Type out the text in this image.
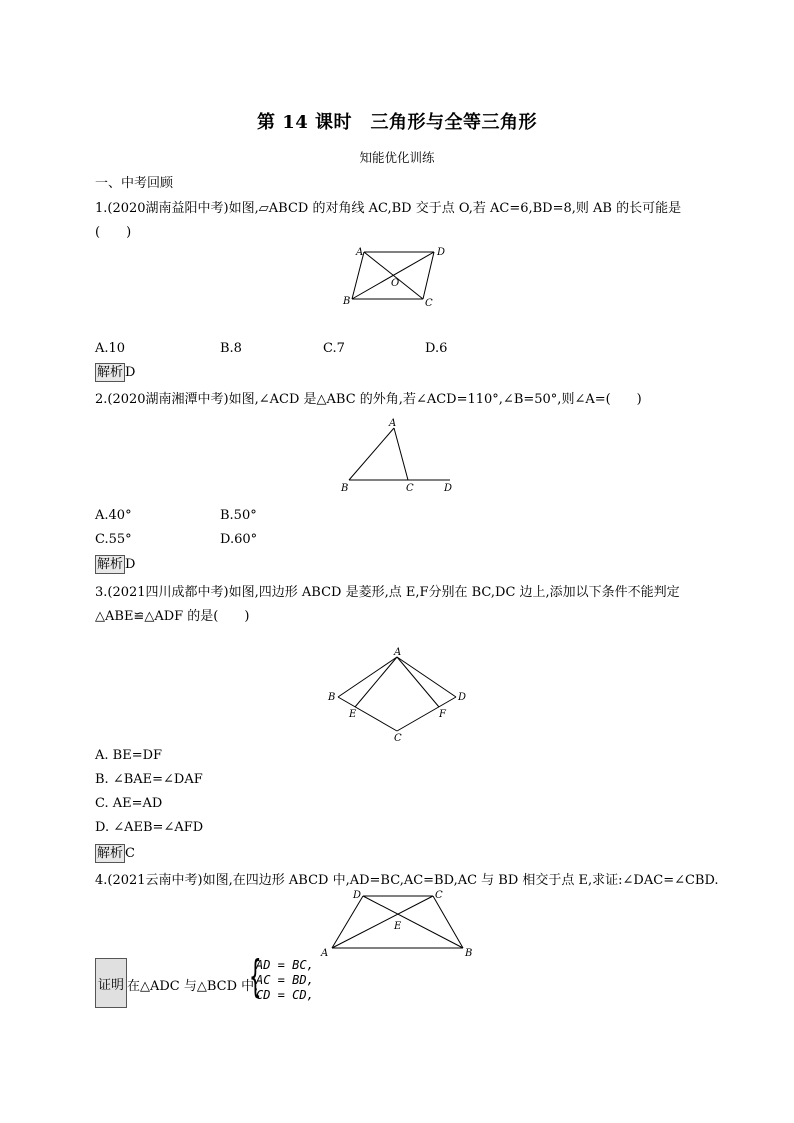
第 14 课时　三角形与全等三角形
知能优化训练
一、中考回顾
1.(2020湖南益阳中考)如图,▱ABCD 的对角线 AC,BD 交于点 O,若 AC=6,BD=8,则 AB 的长可能是
(　　)
A	D
B	C
O
A.10	B.8	C.7	D.6
解析 D
2.(2020湖南湘潭中考)如图,∠ACD 是△ABC 的外角,若∠ACD=110°,∠B=50°,则∠A=(　　)
A
B	C	D
A.40°	B.50°
C.55°	D.60°
解析 D
3.(2021四川成都中考)如图,四边形 ABCD 是菱形,点 E,F分别在 BC,DC 边上,添加以下条件不能判定
△ABE≌△ADF 的是(　　)
A
B	D
E	F
C
A. BE=DF
B. ∠BAE=∠DAF
C. AE=AD
D. ∠AEB=∠AFD
解析 C
4.(2021云南中考)如图,在四边形 ABCD 中,AD=BC,AC=BD,AC 与 BD 相交于点 E,求证:∠DAC=∠CBD.
D	C
A	B
E
证明 在△ADC 与△BCD 中,
{
AD = BC,
AC = BD,
CD = CD,
